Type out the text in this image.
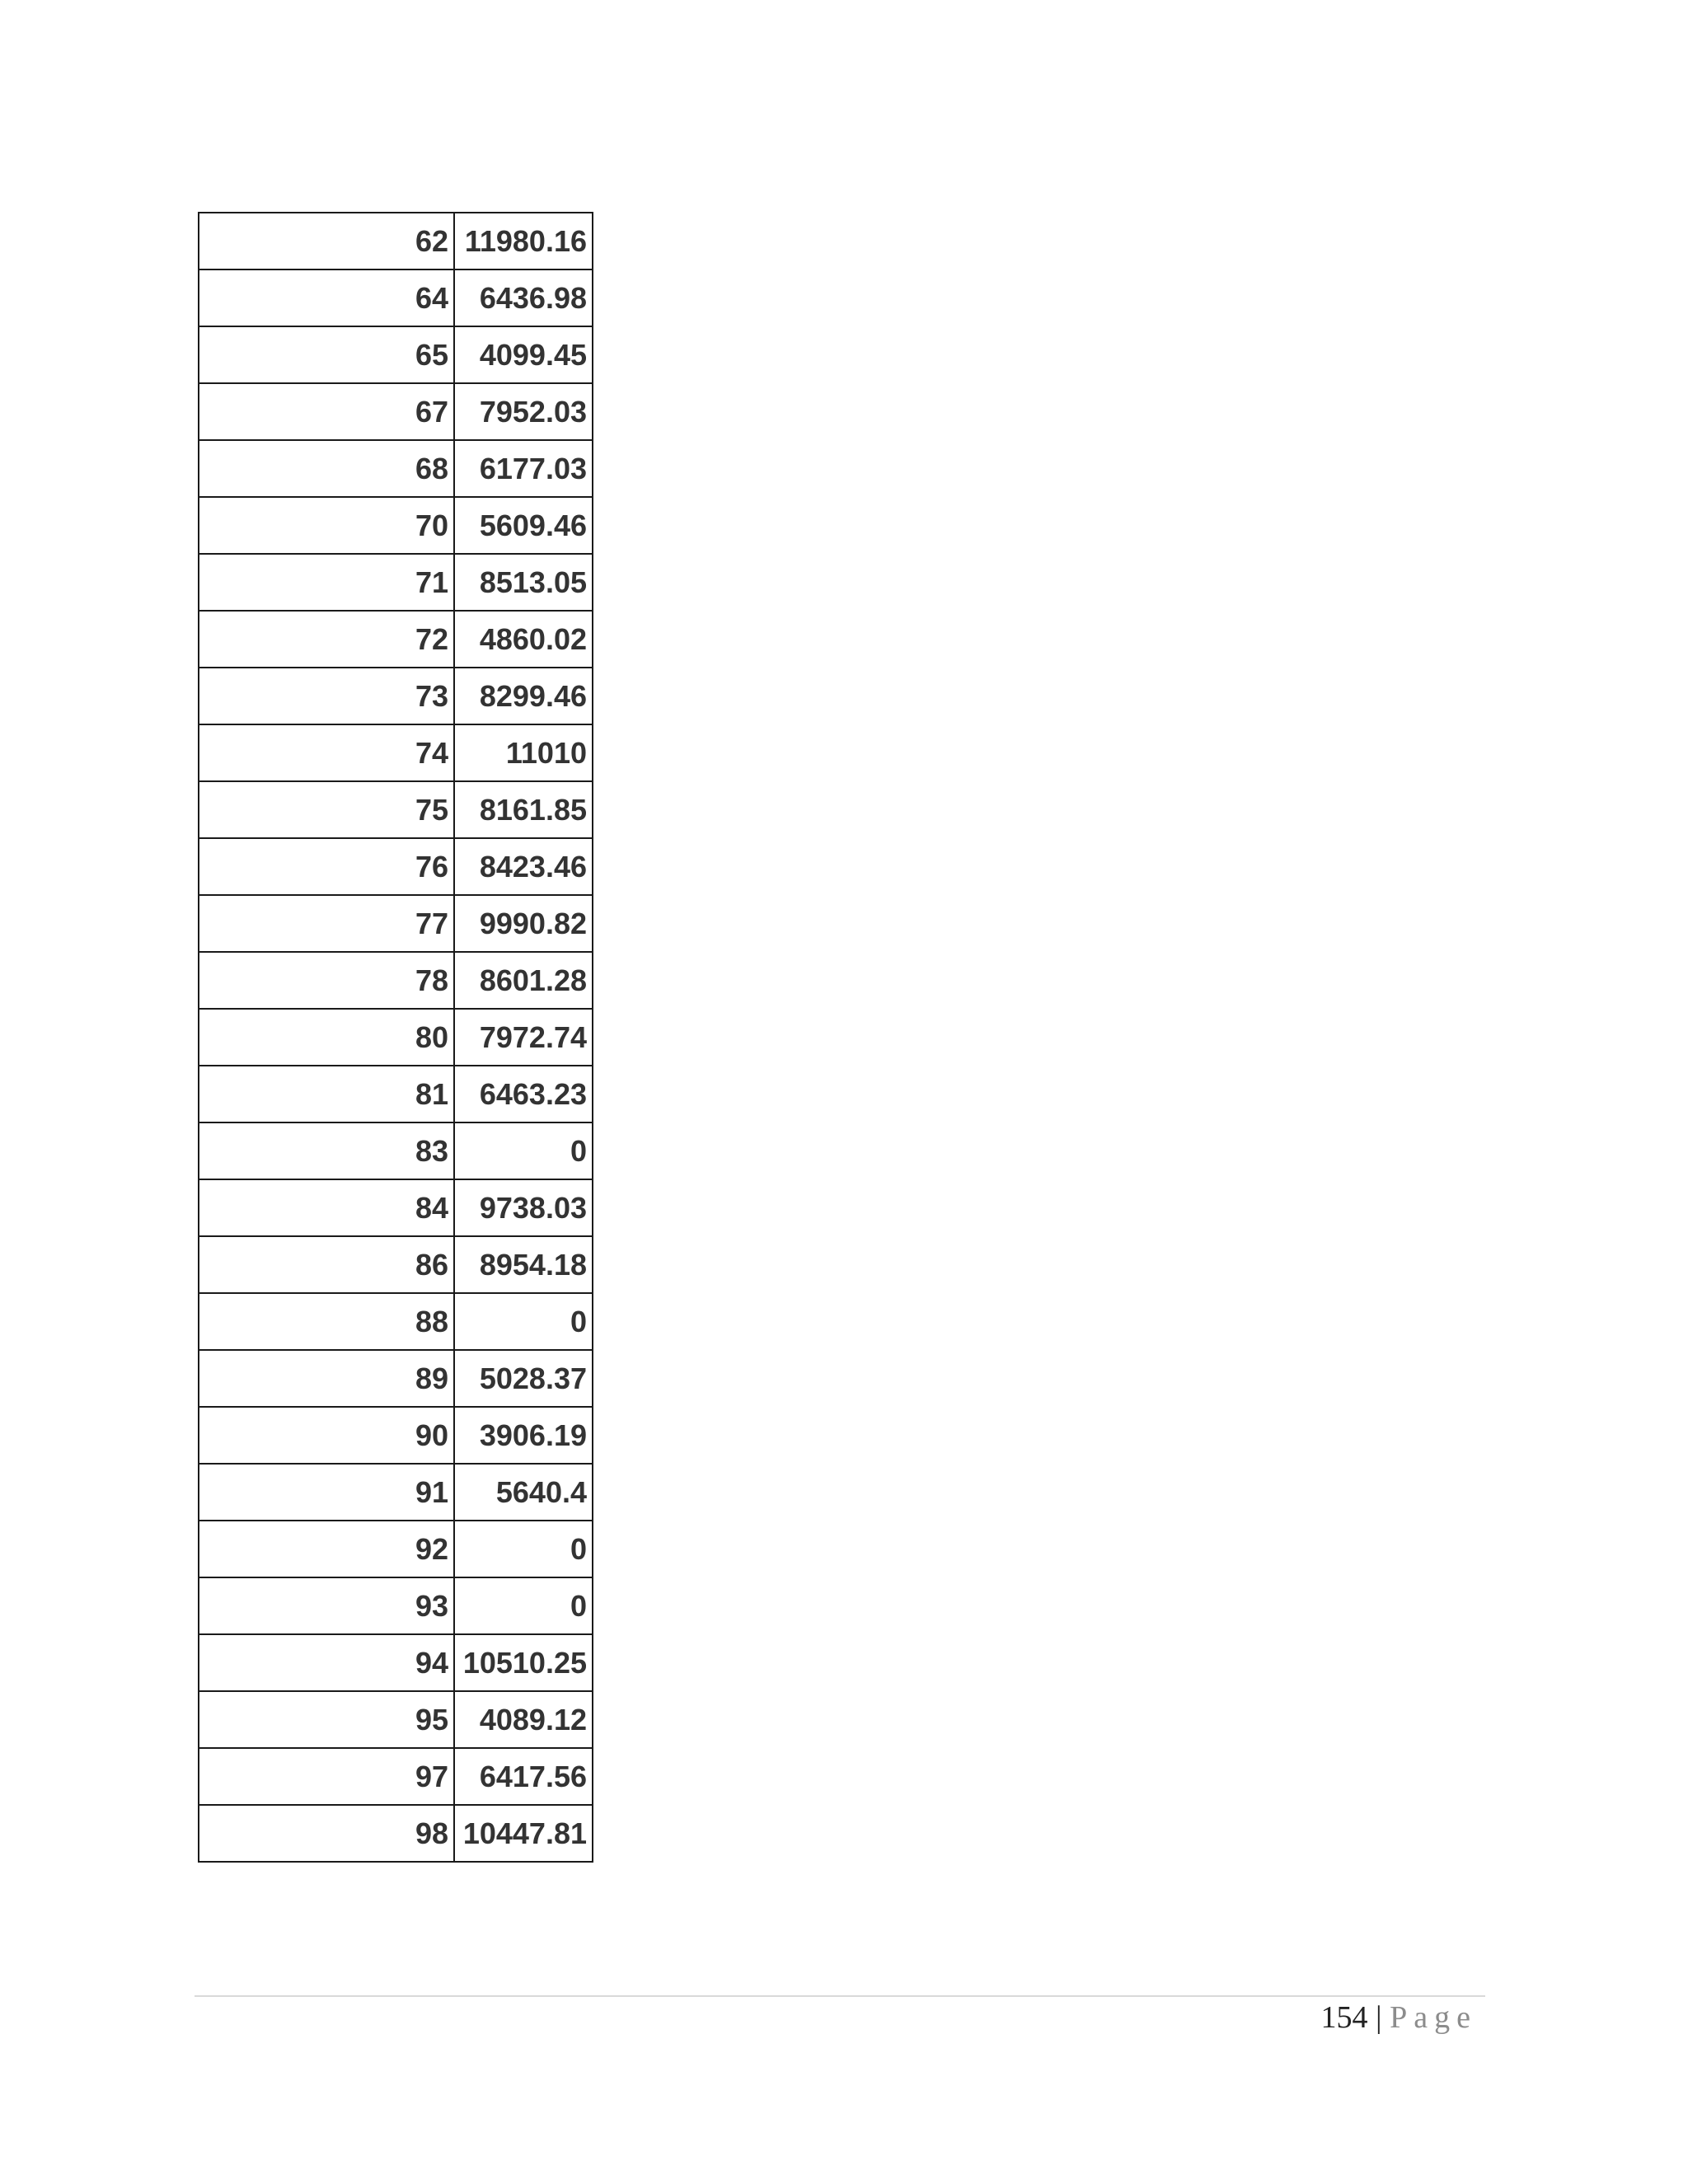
62	11980.16
64	6436.98
65	4099.45
67	7952.03
68	6177.03
70	5609.46
71	8513.05
72	4860.02
73	8299.46
74	11010
75	8161.85
76	8423.46
77	9990.82
78	8601.28
80	7972.74
81	6463.23
83	0
84	9738.03
86	8954.18
88	0
89	5028.37
90	3906.19
91	5640.4
92	0
93	0
94	10510.25
95	4089.12
97	6417.56
98	10447.81
154 | Page
